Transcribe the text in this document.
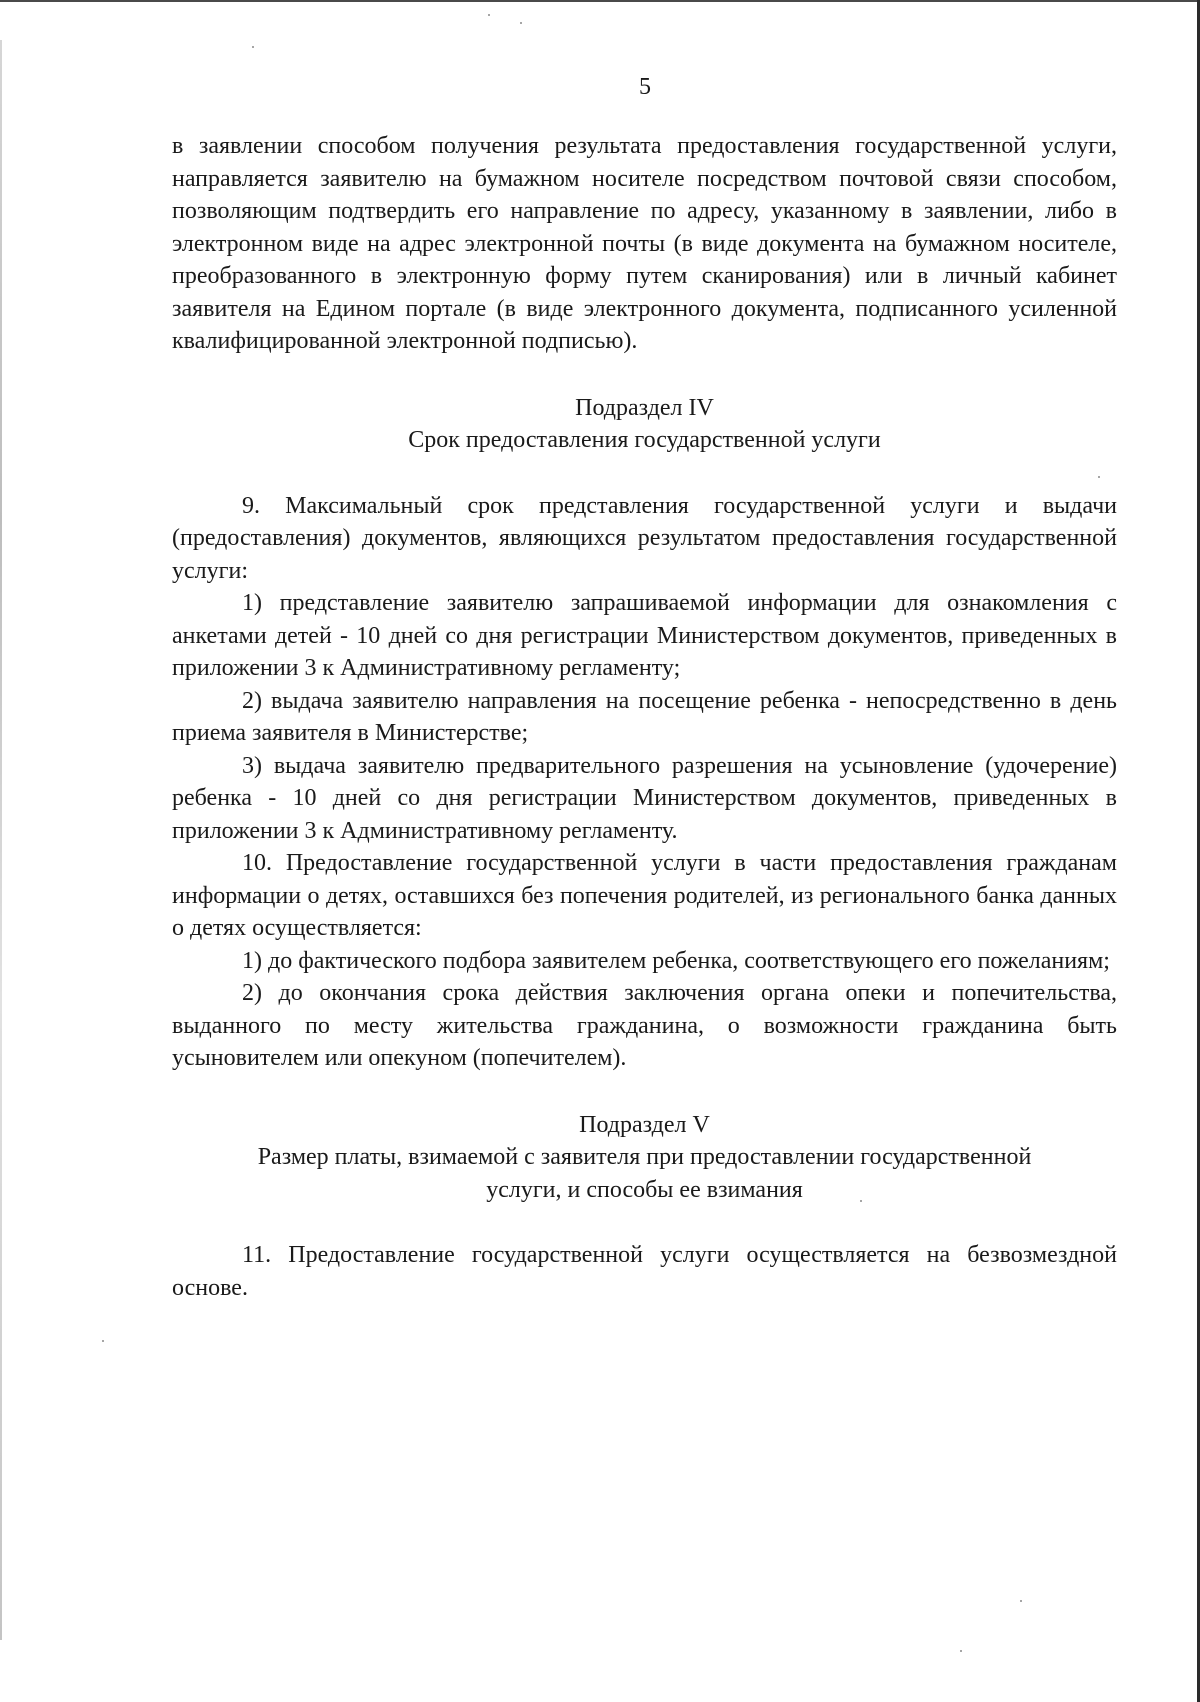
5

в заявлении способом получения результата предоставления государственной услуги, направляется заявителю на бумажном носителе посредством почтовой связи способом, позволяющим подтвердить его направление по адресу, указанному в заявлении, либо в электронном виде на адрес электронной почты (в виде документа на бумажном носителе, преобразованного в электронную форму путем сканирования) или в личный кабинет заявителя на Едином портале (в виде электронного документа, подписанного усиленной квалифицированной электронной подписью).

Подраздел IV

Срок предоставления государственной услуги

9. Максимальный срок представления государственной услуги и выдачи (предоставления) документов, являющихся результатом предоставления государственной услуги:

1) представление заявителю запрашиваемой информации для ознакомления с анкетами детей - 10 дней со дня регистрации Министерством документов, приведенных в приложении 3 к Административному регламенту;

2) выдача заявителю направления на посещение ребенка - непосредственно в день приема заявителя в Министерстве;

3) выдача заявителю предварительного разрешения на усыновление (удочерение) ребенка - 10 дней со дня регистрации Министерством документов, приведенных в приложении 3 к Административному регламенту.

10. Предоставление государственной услуги в части предоставления гражданам информации о детях, оставшихся без попечения родителей, из регионального банка данных о детях осуществляется:

1) до фактического подбора заявителем ребенка, соответствующего его пожеланиям;

2) до окончания срока действия заключения органа опеки и попечительства, выданного по месту жительства гражданина, о возможности гражданина быть усыновителем или опекуном (попечителем).

Подраздел V

Размер платы, взимаемой с заявителя при предоставлении государственной

услуги, и способы ее взимания

11. Предоставление государственной услуги осуществляется на безвозмездной основе.
